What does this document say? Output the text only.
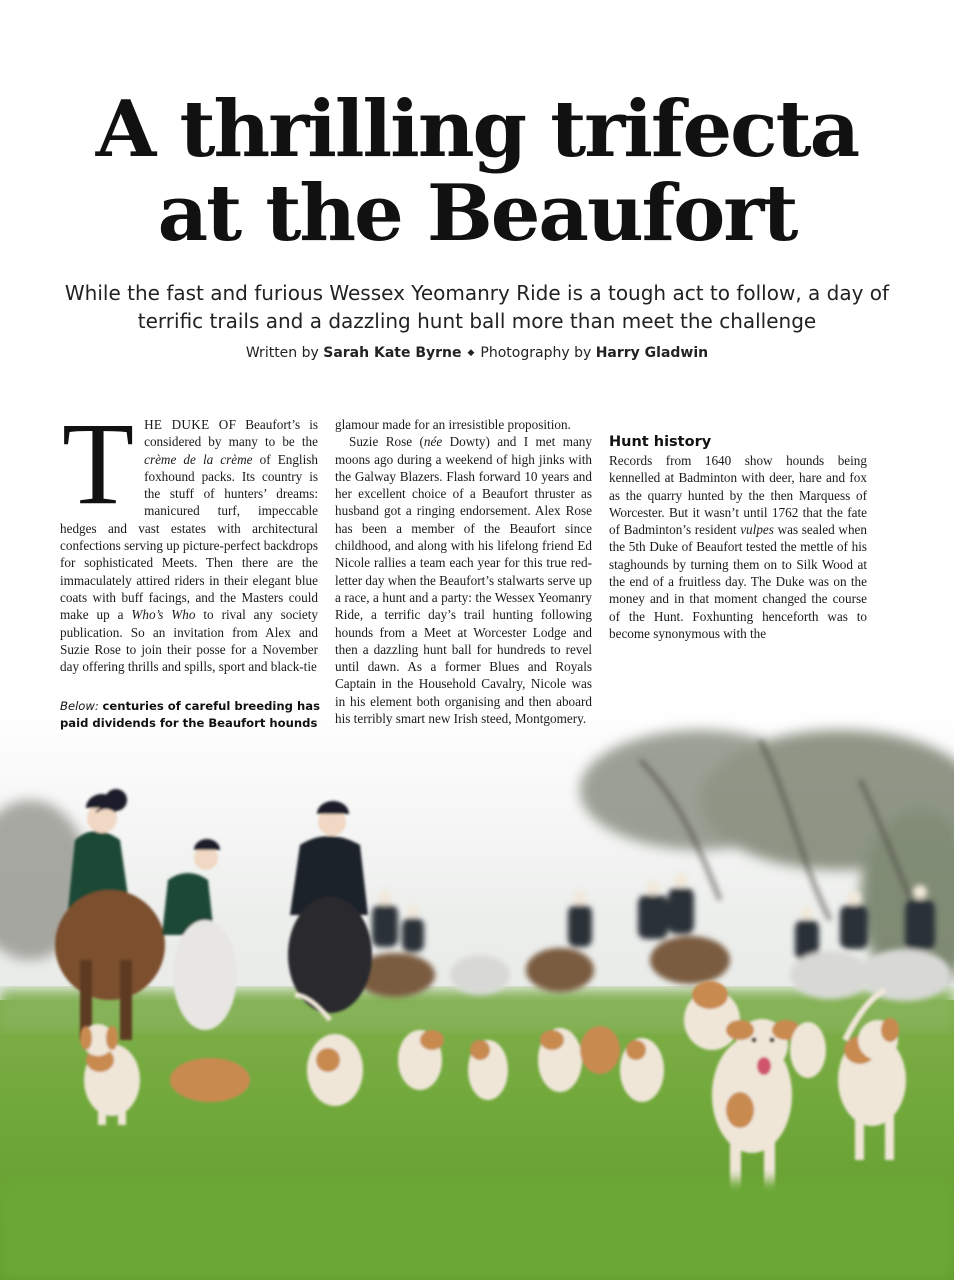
A thrilling trifecta
at the Beaufort

While the fast and furious Wessex Yeomanry Ride is a tough act to follow, a day of terrific trails and a dazzling hunt ball more than meet the challenge

Written by Sarah Kate Byrne ◆ Photography by Harry Gladwin

THE DUKE OF Beaufort’s is considered by many to be the crème de la crème of English foxhound packs. Its country is the stuff of hunters’ dreams: manicured turf, impeccable hedges and vast estates with architectural confections serving up picture-perfect backdrops for sophisticated Meets. Then there are the immaculately attired riders in their elegant blue coats with buff facings, and the Masters could make up a Who’s Who to rival any society publication. So an invitation from Alex and Suzie Rose to join their posse for a November day offering thrills and spills, sport and black-tie

glamour made for an irresistible proposition.

Suzie Rose (née Dowty) and I met many moons ago during a weekend of high jinks with the Galway Blazers. Flash forward 10 years and her excellent choice of a Beaufort thruster as husband got a ringing endorsement. Alex Rose has been a member of the Beaufort since childhood, and along with his lifelong friend Ed Nicole rallies a team each year for this true red-letter day when the Beaufort’s stalwarts serve up a race, a hunt and a party: the Wessex Yeomanry Ride, a terrific day’s trail hunting following hounds from a Meet at Worcester Lodge and then a dazzling hunt ball for hundreds to revel until dawn. As a former Blues and Royals Captain in the Household Cavalry, Nicole was in his element both organising and then aboard his terribly smart new Irish steed, Montgomery.

Hunt history

Records from 1640 show hounds being kennelled at Badminton with deer, hare and fox as the quarry hunted by the then Marquess of Worcester. But it wasn’t until 1762 that the fate of Badminton’s resident vulpes was sealed when the 5th Duke of Beaufort tested the mettle of his staghounds by turning them on to Silk Wood at the end of a fruitless day. The Duke was on the money and in that moment changed the course of the Hunt. Foxhunting henceforth was to become synonymous with the

Below: centuries of careful breeding has paid dividends for the Beaufort hounds
